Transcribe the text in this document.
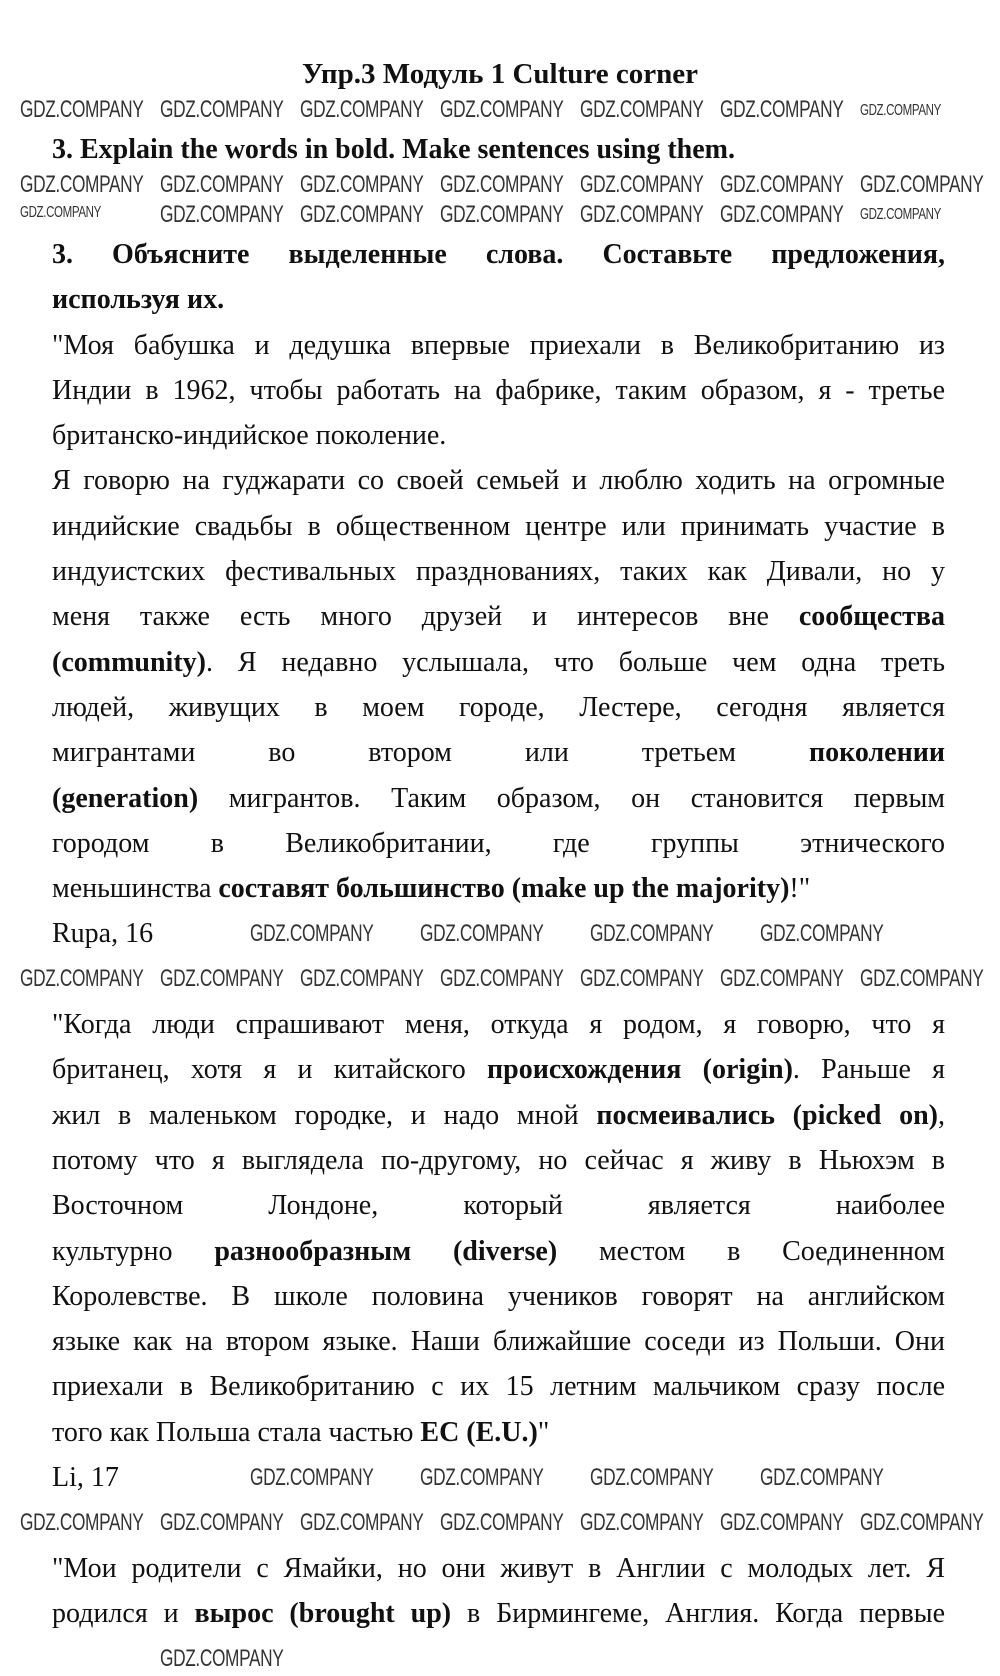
Упр.3 Модуль 1 Culture corner
3. Explain the words in bold. Make sentences using them.
3. Объясните выделенные слова. Составьте предложения,
используя их.
"Моя бабушка и дедушка впервые приехали в Великобританию из
Индии в 1962, чтобы работать на фабрике, таким образом, я - третье
британско-индийское поколение.
Я говорю на гуджарати со своей семьей и люблю ходить на огромные
индийские свадьбы в общественном центре или принимать участие в
индуистских фестивальных празднованиях, таких как Дивали, но у
меня также есть много друзей и интересов вне сообщества
(community). Я недавно услышала, что больше чем одна треть
людей, живущих в моем городе, Лестере, сегодня является
мигрантами во втором или третьем поколении
(generation) мигрантов. Таким образом, он становится первым
городом в Великобритании, где группы этнического
меньшинства составят большинство (make up the majority)!"
Rupa, 16
"Когда люди спрашивают меня, откуда я родом, я говорю, что я
британец, хотя я и китайского происхождения (origin). Раньше я
жил в маленьком городке, и надо мной посмеивались (picked on),
потому что я выглядела по-другому, но сейчас я живу в Ньюхэм в
Восточном Лондоне, который является наиболее
культурно разнообразным (diverse) местом в Соединенном
Королевстве. В школе половина учеников говорят на английском
языке как на втором языке. Наши ближайшие соседи из Польши. Они
приехали в Великобританию с их 15 летним мальчиком сразу после
того как Польша стала частью ЕС (E.U.)"
Li, 17
"Мои родители с Ямайки, но они живут в Англии с молодых лет. Я
родился и вырос (brought up) в Бирмингеме, Англия. Когда первые
GDZ.COMPANY GDZ.COMPANY GDZ.COMPANY GDZ.COMPANY GDZ.COMPANY GDZ.COMPANY GDZ.COMPANY
GDZ.COMPANY GDZ.COMPANY GDZ.COMPANY GDZ.COMPANY GDZ.COMPANY GDZ.COMPANY GDZ.COMPANY
GDZ.COMPANY GDZ.COMPANY GDZ.COMPANY GDZ.COMPANY GDZ.COMPANY GDZ.COMPANY GDZ.COMPANY
GDZ.COMPANY GDZ.COMPANY GDZ.COMPANY GDZ.COMPANY
GDZ.COMPANY GDZ.COMPANY GDZ.COMPANY GDZ.COMPANY GDZ.COMPANY GDZ.COMPANY GDZ.COMPANY
GDZ.COMPANY GDZ.COMPANY GDZ.COMPANY GDZ.COMPANY
GDZ.COMPANY GDZ.COMPANY GDZ.COMPANY GDZ.COMPANY GDZ.COMPANY GDZ.COMPANY GDZ.COMPANY
GDZ.COMPANY
